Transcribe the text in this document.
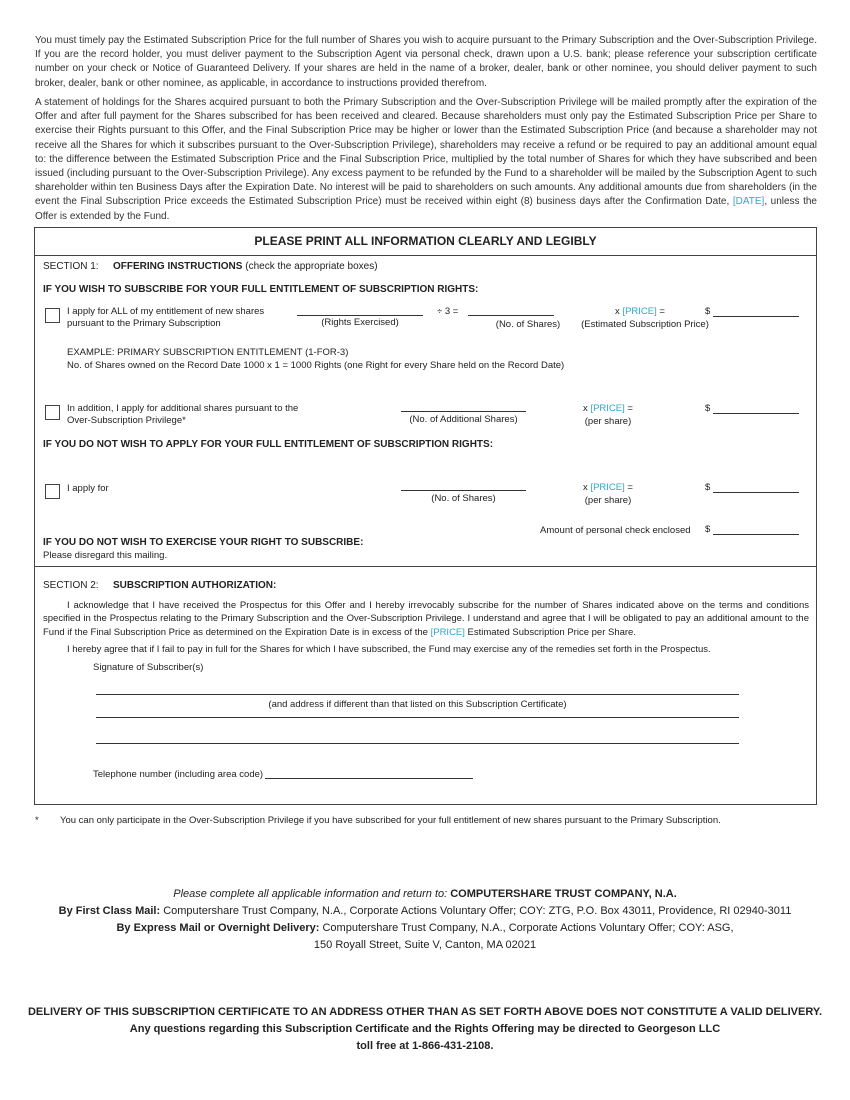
You must timely pay the Estimated Subscription Price for the full number of Shares you wish to acquire pursuant to the Primary Subscription and the Over-Subscription Privilege. If you are the record holder, you must deliver payment to the Subscription Agent via personal check, drawn upon a U.S. bank; please reference your subscription certificate number on your check or Notice of Guaranteed Delivery. If your shares are held in the name of a broker, dealer, bank or other nominee, you should deliver payment to such broker, dealer, bank or other nominee, as applicable, in accordance to instructions provided therefrom.
A statement of holdings for the Shares acquired pursuant to both the Primary Subscription and the Over-Subscription Privilege will be mailed promptly after the expiration of the Offer and after full payment for the Shares subscribed for has been received and cleared. Because shareholders must only pay the Estimated Subscription Price per Share to exercise their Rights pursuant to this Offer, and the Final Subscription Price may be higher or lower than the Estimated Subscription Price (and because a shareholder may not receive all the Shares for which it subscribes pursuant to the Over-Subscription Privilege), shareholders may receive a refund or be required to pay an additional amount equal to: the difference between the Estimated Subscription Price and the Final Subscription Price, multiplied by the total number of Shares for which they have subscribed and been issued (including pursuant to the Over-Subscription Privilege). Any excess payment to be refunded by the Fund to a shareholder will be mailed by the Subscription Agent to such shareholder within ten Business Days after the Expiration Date. No interest will be paid to shareholders on such amounts. Any additional amounts due from shareholders (in the event the Final Subscription Price exceeds the Estimated Subscription Price) must be received within eight (8) business days after the Confirmation Date, [DATE], unless the Offer is extended by the Fund.
PLEASE PRINT ALL INFORMATION CLEARLY AND LEGIBLY
SECTION 1: OFFERING INSTRUCTIONS (check the appropriate boxes)
IF YOU WISH TO SUBSCRIBE FOR YOUR FULL ENTITLEMENT OF SUBSCRIPTION RIGHTS:
I apply for ALL of my entitlement of new shares
pursuant to the Primary Subscription	(Rights Exercised)
÷ 3 =
(No. of Shares)
x [PRICE] =
(Estimated Subscription Price)
$
EXAMPLE: PRIMARY SUBSCRIPTION ENTITLEMENT (1-FOR-3)
No. of Shares owned on the Record Date 1000 x 1 = 1000 Rights (one Right for every Share held on the Record Date)
In addition, I apply for additional shares pursuant to the
Over-Subscription Privilege*	(No. of Additional Shares)
x [PRICE] =
(per share)
$
IF YOU DO NOT WISH TO APPLY FOR YOUR FULL ENTITLEMENT OF SUBSCRIPTION RIGHTS:
I apply for
(No. of Shares)
x [PRICE] =
(per share)
$
Amount of personal check enclosed $
IF YOU DO NOT WISH TO EXERCISE YOUR RIGHT TO SUBSCRIBE:
Please disregard this mailing.
SECTION 2: SUBSCRIPTION AUTHORIZATION:
I acknowledge that I have received the Prospectus for this Offer and I hereby irrevocably subscribe for the number of Shares indicated above on the terms and conditions specified in the Prospectus relating to the Primary Subscription and the Over-Subscription Privilege. I understand and agree that I will be obligated to pay an additional amount to the Fund if the Final Subscription Price as determined on the Expiration Date is in excess of the [PRICE] Estimated Subscription Price per Share.
I hereby agree that if I fail to pay in full for the Shares for which I have subscribed, the Fund may exercise any of the remedies set forth in the Prospectus.
Signature of Subscriber(s)
(and address if different than that listed on this Subscription Certificate)
Telephone number (including area code)
* You can only participate in the Over-Subscription Privilege if you have subscribed for your full entitlement of new shares pursuant to the Primary Subscription.
Please complete all applicable information and return to: COMPUTERSHARE TRUST COMPANY, N.A.
By First Class Mail: Computershare Trust Company, N.A., Corporate Actions Voluntary Offer; COY: ZTG, P.O. Box 43011, Providence, RI 02940-3011
By Express Mail or Overnight Delivery: Computershare Trust Company, N.A., Corporate Actions Voluntary Offer; COY: ASG,
150 Royall Street, Suite V, Canton, MA 02021
DELIVERY OF THIS SUBSCRIPTION CERTIFICATE TO AN ADDRESS OTHER THAN AS SET FORTH ABOVE DOES NOT CONSTITUTE A VALID DELIVERY.
Any questions regarding this Subscription Certificate and the Rights Offering may be directed to Georgeson LLC
toll free at 1-866-431-2108.
